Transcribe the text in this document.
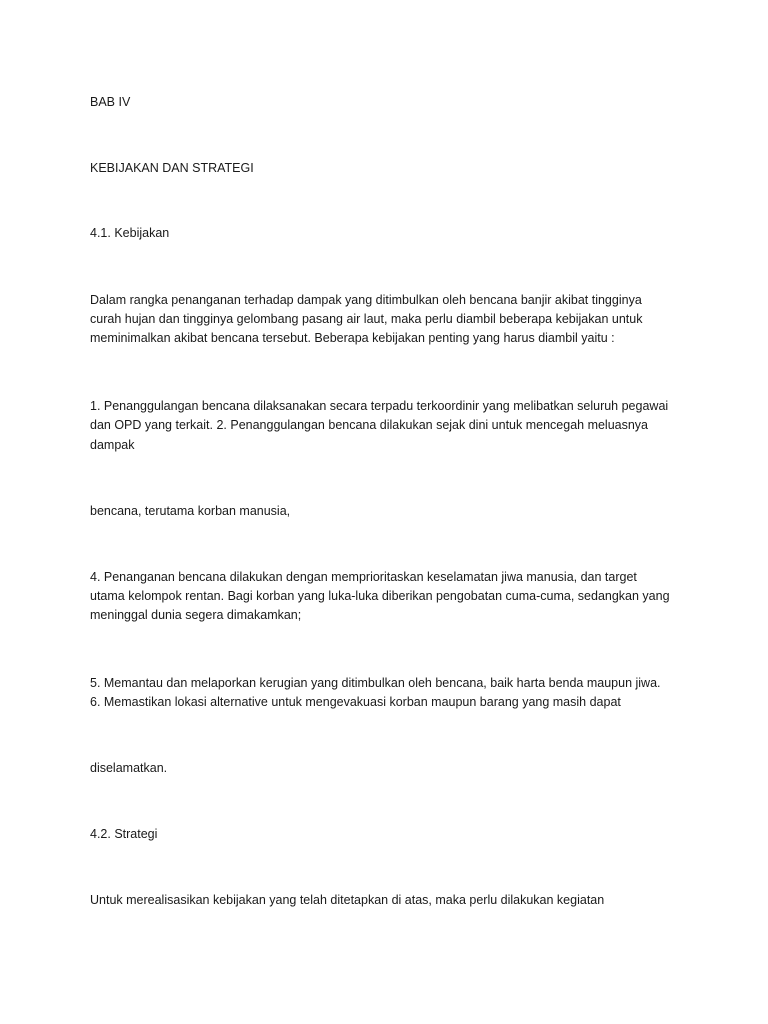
BAB IV

KEBIJAKAN DAN STRATEGI

4.1. Kebijakan

Dalam rangka penanganan terhadap dampak yang ditimbulkan oleh bencana banjir akibat tingginya

curah hujan dan tingginya gelombang pasang air laut, maka perlu diambil beberapa kebijakan untuk

meminimalkan akibat bencana tersebut. Beberapa kebijakan penting yang harus diambil yaitu :

1. Penanggulangan bencana dilaksanakan secara terpadu terkoordinir yang melibatkan seluruh pegawai

dan OPD yang terkait. 2. Penanggulangan bencana dilakukan sejak dini untuk mencegah meluasnya

dampak

bencana, terutama korban manusia,

4. Penanganan bencana dilakukan dengan memprioritaskan keselamatan jiwa manusia, dan target

utama kelompok rentan. Bagi korban yang luka-luka diberikan pengobatan cuma-cuma, sedangkan yang

meninggal dunia segera dimakamkan;

5. Memantau dan melaporkan kerugian yang ditimbulkan oleh bencana, baik harta benda maupun jiwa.

6. Memastikan lokasi alternative untuk mengevakuasi korban maupun barang yang masih dapat

diselamatkan.

4.2. Strategi

Untuk merealisasikan kebijakan yang telah ditetapkan di atas, maka perlu dilakukan kegiatan
